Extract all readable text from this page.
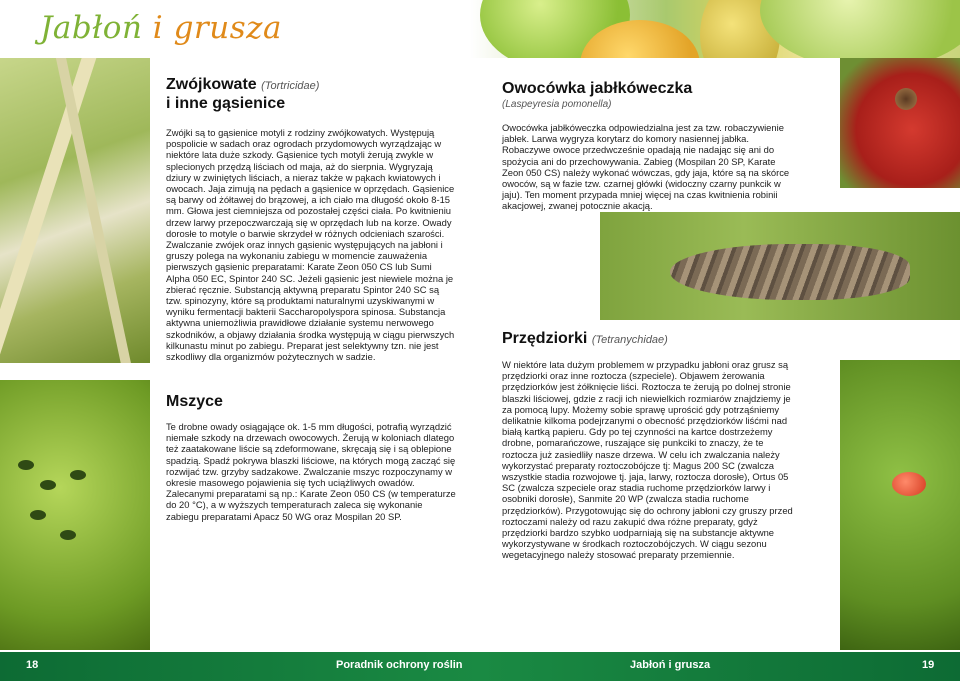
Jabłoń i grusza
Zwójkowate (Tortricidae)
i inne gąsienice

Zwójki są to gąsienice motyli z rodziny zwójkowatych. Występują pospolicie w sadach oraz ogrodach przydomowych wyrządzając w niektóre lata duże szkody. Gąsienice tych motyli żerują zwykle w splecionych przędzą liściach od maja, aż do sierpnia. Wygryzają dziury w zwiniętych liściach, a nieraz także w pąkach kwiatowych i owocach. Jaja zimują na pędach a gąsienice w oprzędach. Gąsienice są barwy od żółtawej do brązowej, a ich ciało ma długość około 8-15 mm. Głowa jest ciemniejsza od pozostałej części ciała. Po kwitnieniu drzew larwy przepoczwarczają się w oprzędach lub na korze. Owady dorosłe to motyle o barwie skrzydeł w różnych odcieniach szarości. Zwalczanie zwójek oraz innych gąsienic występujących na jabłoni i gruszy polega na wykonaniu zabiegu w momencie zauważenia pierwszych gąsienic preparatami: Karate Zeon 050 CS lub Sumi Alpha 050 EC, Spintor 240 SC. Jeżeli gąsienic jest niewiele można je zbierać ręcznie. Substancją aktywną preparatu Spintor 240 SC są tzw. spinozyny, które są produktami naturalnymi uzyskiwanymi w wyniku fermentacji bakterii Saccharopolyspora spinosa. Substancja aktywna uniemożliwia prawidłowe działanie systemu nerwowego szkodników, a objawy działania środka występują w ciągu pierwszych kilkunastu minut po zabiegu. Preparat jest selektywny tzn. nie jest szkodliwy dla organizmów pożytecznych w sadzie.

Mszyce

Te drobne owady osiągające ok. 1-5 mm długości, potrafią wyrządzić niemałe szkody na drzewach owocowych. Żerują w koloniach dlatego też zaatakowane liście są zdeformowane, skręcają się i są oblepione spadzią. Spadź pokrywa blaszki liściowe, na których mogą zacząć się rozwijać tzw. grzyby sadzakowe. Zwalczanie mszyc rozpoczynamy w okresie masowego pojawienia się tych uciążliwych owadów. Zalecanymi preparatami są np.: Karate Zeon 050 CS (w temperaturze do 20 °C), a w wyższych temperaturach zaleca się wykonanie zabiegu preparatami Apacz 50 WG oraz Mospilan 20 SP.

Owocówka jabłkóweczka
(Laspeyresia pomonella)

Owocówka jabłkóweczka odpowiedzialna jest za tzw. robaczywienie jabłek. Larwa wygryza korytarz do komory nasiennej jabłka. Robaczywe owoce przedwcześnie opadają nie nadając się ani do spożycia ani do przechowywania. Zabieg (Mospilan 20 SP, Karate Zeon 050 CS) należy wykonać wówczas, gdy jaja, które są na skórce owoców, są w fazie tzw. czarnej główki (widoczny czarny punkcik w jaju). Ten moment przypada mniej więcej na czas kwitnienia robinii akacjowej, zwanej potocznie akacją.

Przędziorki (Tetranychidae)

W niektóre lata dużym problemem w przypadku jabłoni oraz grusz są przędziorki oraz inne roztocza (szpeciele). Objawem żerowania przędziorków jest żółknięcie liści. Roztocza te żerują po dolnej stronie blaszki liściowej, gdzie z racji ich niewielkich rozmiarów znajdziemy je za pomocą lupy. Możemy sobie sprawę uprościć gdy potrząśniemy delikatnie kilkoma podejrzanymi o obecność przędziorków liśćmi nad białą kartką papieru. Gdy po tej czynności na kartce dostrzeżemy drobne, pomarańczowe, ruszające się punkciki to znaczy, że te roztocza już zasiedliły nasze drzewa. W celu ich zwalczania należy wykorzystać preparaty roztoczobójcze tj: Magus 200 SC (zwalcza wszystkie stadia rozwojowe tj. jaja, larwy, roztocza dorosłe), Ortus 05 SC (zwalcza szpeciele oraz stadia ruchome przędziorków larwy i osobniki dorosłe), Sanmite 20 WP (zwalcza stadia ruchome przędziorków). Przygotowując się do ochrony jabłoni czy gruszy przed roztoczami należy od razu zakupić dwa różne preparaty, gdyż przędziorki bardzo szybko uodparniają się na substancje aktywne wykorzystywane w środkach roztoczobójczych. W ciągu sezonu wegetacyjnego należy stosować preparaty przemiennie.

18	Poradnik ochrony roślin	Jabłoń i grusza	19
